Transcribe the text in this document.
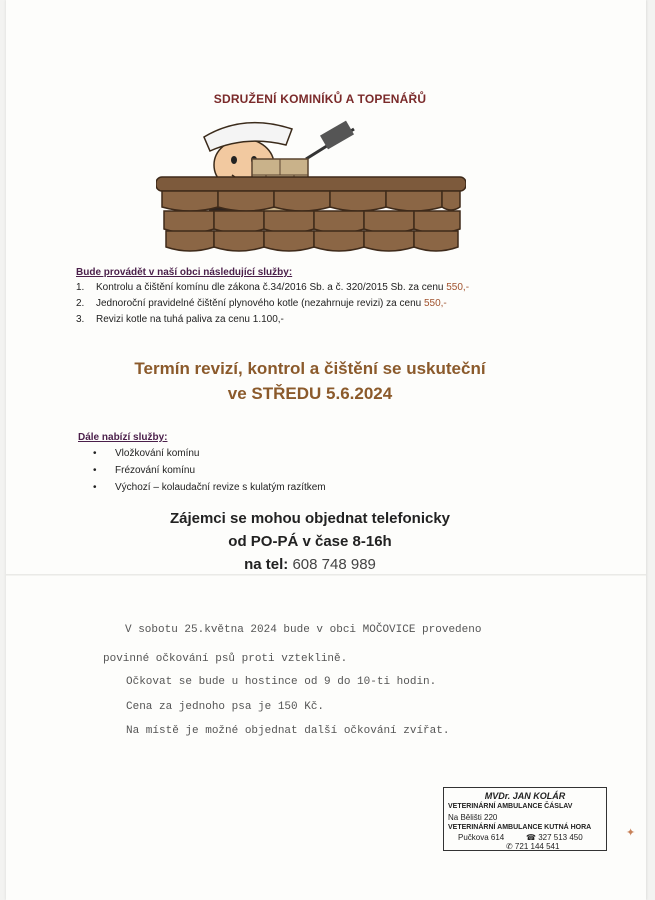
SDRUŽENÍ KOMINÍKŮ A TOPENÁŘŮ
Bude provádět v naší obci následující služby:
1. Kontrolu a čištění komínu dle zákona č.34/2016 Sb. a č. 320/2015 Sb. za cenu 550,-
2. Jednoroční pravidelné čištění plynového kotle (nezahrnuje revizi) za cenu 550,-
3. Revizi kotle na tuhá paliva za cenu 1.100,-
Termín revizí, kontrol a čištění se uskuteční
ve STŘEDU 5.6.2024
Dále nabízí služby:
• Vložkování komínu
• Frézování komínu
• Výchozí – kolaudační revize s kulatým razítkem
Zájemci se mohou objednat telefonicky
od PO-PÁ v čase 8-16h
na tel: 608 748 989
V sobotu 25.května 2024 bude v obci MOČOVICE provedeno
povinné očkování psů proti vzteklině.
Očkovat se bude u hostince od 9 do 10-ti hodin.
Cena za jednoho psa je 150 Kč.
Na místě je možné objednat další očkování zvířat.
MVDr. JAN KOLÁR
VETERINÁRNÍ AMBULANCE ČÁSLAV
Na Bělišti 220
VETERINÁRNÍ AMBULANCE KUTNÁ HORA
Pučkova 614	☎ 327 513 450
✆ 721 144 541
✦
